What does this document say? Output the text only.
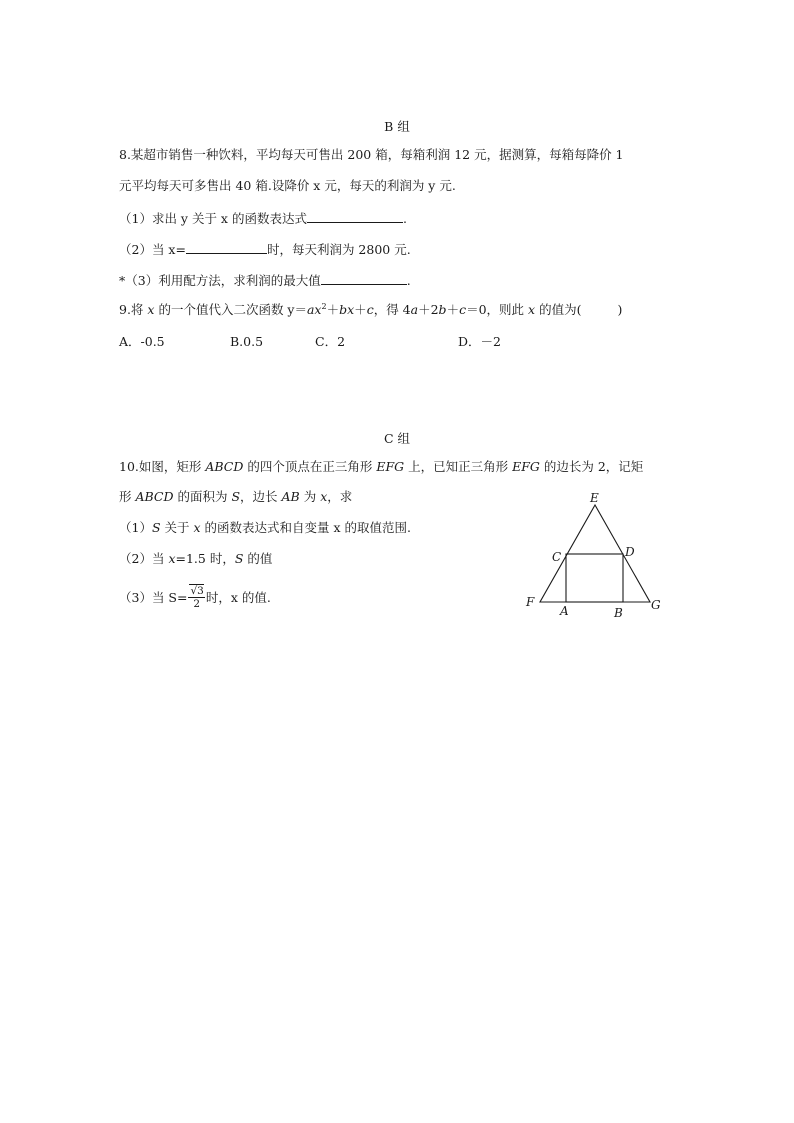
B 组
8.某超市销售一种饮料，平均每天可售出 200 箱，每箱利润 12 元，据测算，每箱每降价 1
元平均每天可多售出 40 箱.设降价 x 元，每天的利润为 y 元.
（1）求出 y 关于 x 的函数表达式	.
（2）当 x=	时，每天利润为 2800 元.
*（3）利用配方法，求利润的最大值	.
9.将 x 的一个值代入二次函数 $y=ax^2+bx+c$，得 4a＋2b＋c＝0，则此 x 的值为(	)
A．-0.5	B.0.5	C．2	D．－2
C 组
10.如图，矩形 ABCD 的四个顶点在正三角形 EFG 上，已知正三角形 EFG 的边长为 2，记矩
形 ABCD 的面积为 S，边长 AB 为 x，求
（1）S 关于 x 的函数表达式和自变量 x 的取值范围.
（2）当 x=1.5 时，S 的值
（3）当 $S= \frac{√3}{2}$ 时，x 的值.
E
C	D
F
A	B
G
